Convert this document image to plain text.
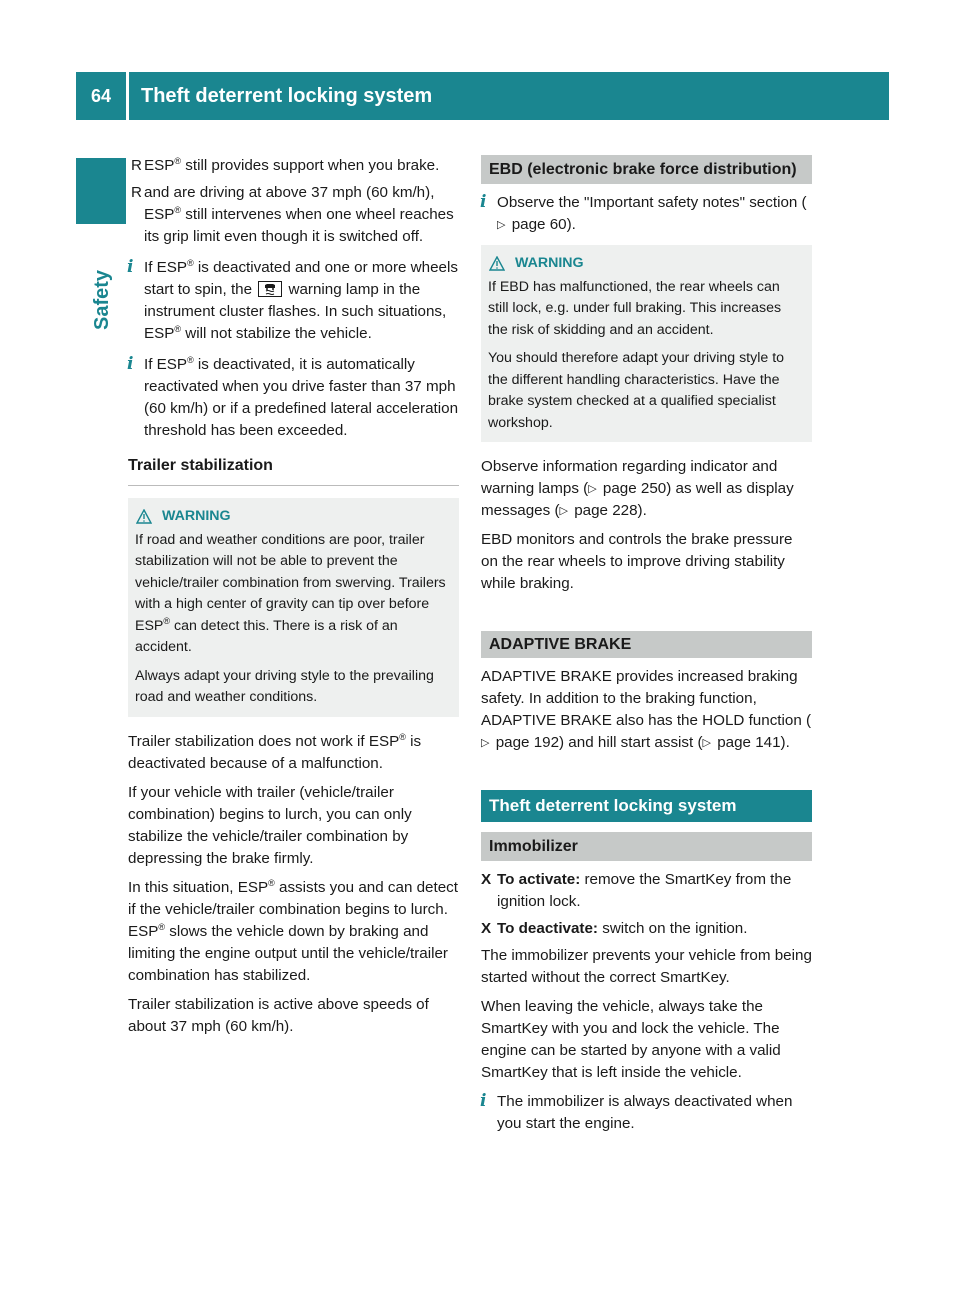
64	Theft deterrent locking system
Safety
R ESP® still provides support when you brake.
R and are driving at above 37 mph (60 km/h), ESP® still intervenes when one wheel reaches its grip limit even though it is switched off.
i If ESP® is deactivated and one or more wheels start to spin, the  warning lamp in the instrument cluster flashes. In such situations, ESP® will not stabilize the vehicle.
i If ESP® is deactivated, it is automatically reactivated when you drive faster than 37 mph (60 km/h) or if a predefined lateral acceleration threshold has been exceeded.
Trailer stabilization
WARNING

If road and weather conditions are poor, trailer stabilization will not be able to prevent the vehicle/trailer combination from swerving. Trailers with a high center of gravity can tip over before ESP® can detect this. There is a risk of an accident.

Always adapt your driving style to the prevailing road and weather conditions.

Trailer stabilization does not work if ESP® is deactivated because of a malfunction.

If your vehicle with trailer (vehicle/trailer combination) begins to lurch, you can only stabilize the vehicle/trailer combination by depressing the brake firmly.

In this situation, ESP® assists you and can detect if the vehicle/trailer combination begins to lurch. ESP® slows the vehicle down by braking and limiting the engine output until the vehicle/trailer combination has stabilized.

Trailer stabilization is active above speeds of about 37 mph (60 km/h).

EBD (electronic brake force distribution)
i Observe the "Important safety notes" section (▷ page 60).
WARNING

If EBD has malfunctioned, the rear wheels can still lock, e.g. under full braking. This increases the risk of skidding and an accident.

You should therefore adapt your driving style to the different handling characteristics. Have the brake system checked at a qualified specialist workshop.

Observe information regarding indicator and warning lamps (▷ page 250) as well as display messages (▷ page 228).

EBD monitors and controls the brake pressure on the rear wheels to improve driving stability while braking.

ADAPTIVE BRAKE

ADAPTIVE BRAKE provides increased braking safety. In addition to the braking function, ADAPTIVE BRAKE also has the HOLD function (▷ page 192) and hill start assist (▷ page 141).

Theft deterrent locking system
Immobilizer
X To activate: remove the SmartKey from the ignition lock.
X To deactivate: switch on the ignition.

The immobilizer prevents your vehicle from being started without the correct SmartKey.

When leaving the vehicle, always take the SmartKey with you and lock the vehicle. The engine can be started by anyone with a valid SmartKey that is left inside the vehicle.

i The immobilizer is always deactivated when you start the engine.
